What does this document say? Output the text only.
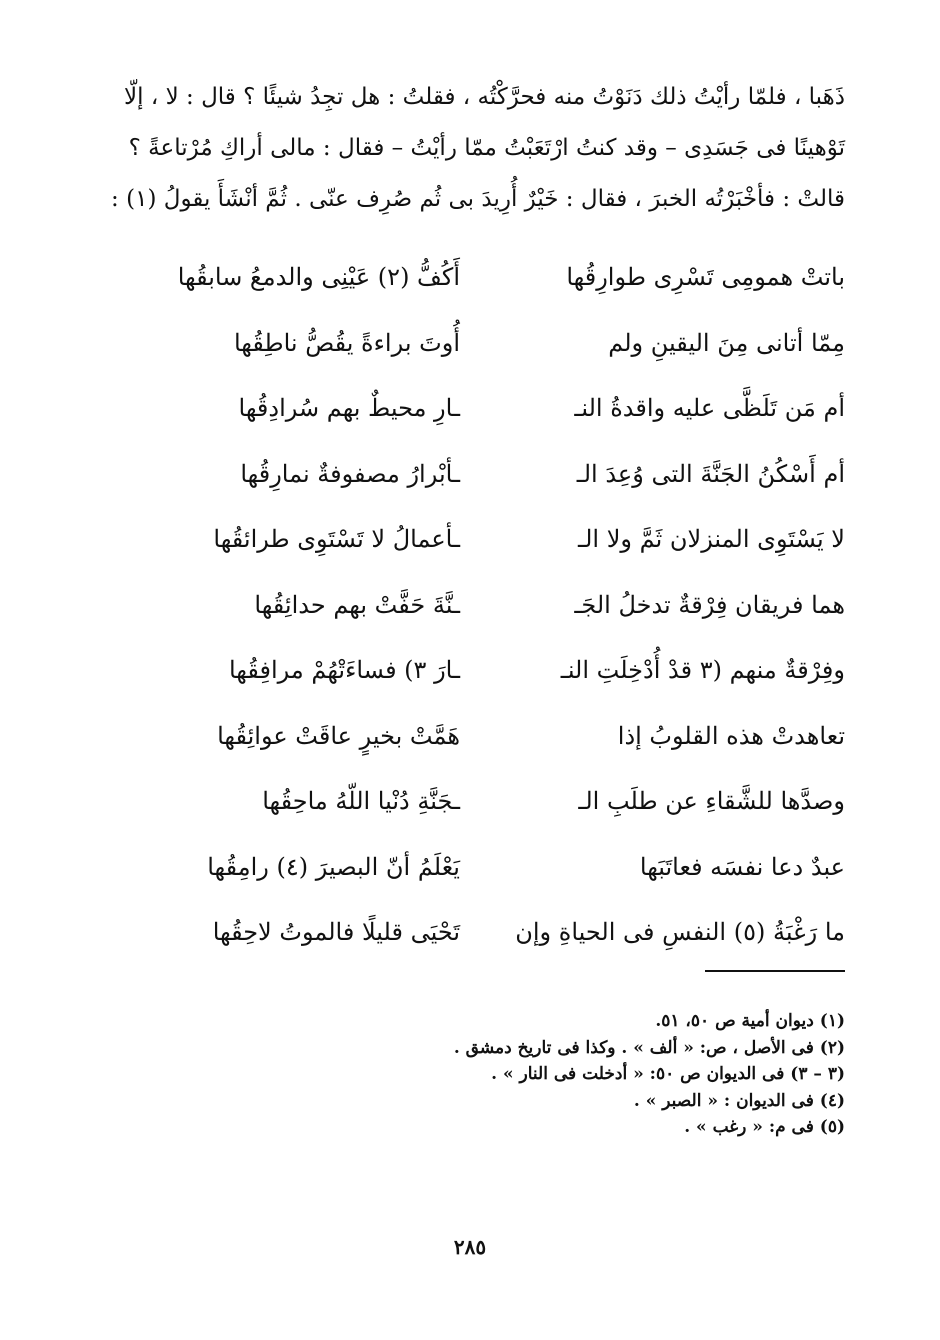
ذَهَبا ، فلمّا رأيْتُ ذلك دَنَوْتُ منه فحرَّكْتُه ، فقلتُ : هل تجِدُ شيئًا ؟ قال : لا ، إلّا
تَوْهينًا فى جَسَدِى – وقد كنتُ ارْتَعَبْتُ ممّا رأيْتُ – فقال : مالى أراكِ مُرْتاعةً ؟
قالتْ : فأخْبَرْتُه الخبرَ ، فقال : خَيْرٌ أُرِيدَ بى ثُم صُرِف عنّى . ثُمَّ أنْشَأَ يقولُ (١) :
باتتْ همومِى تَسْرِى طوارِقُها
أَكُفُّ (٢) عَيْنِى والدمعُ سابقُها
مِمّا أتانى مِنَ اليقينِ ولم
أُوتَ براءةً يقُصُّ ناطِقُها
أم مَن تَلَظَّى عليه واقدةُ النـ
ـارِ محيطٌ بهم سُرادِقُها
أم أَسْكُنُ الجَنَّةَ التى وُعِدَ الـ
ـأبْرارُ مصفوفةٌ نمارِقُها
لا يَسْتَوِى المنزلان ثَمَّ ولا الـ
ـأعمالُ لا تَسْتَوِى طرائقُها
هما فريقان فِرْقةٌ تدخلُ الجَـ
ـنَّةَ حَفَّتْ بهم حدائِقُها
وفِرْقةٌ منهم (٣ قدْ أُدْخِلَتِ النـ
ـارَ ٣) فساءَتْهُمْ مرافِقُها
تعاهدتْ هذه القلوبُ إذا
هَمَّتْ بخيرٍ عاقَتْ عوائِقُها
وصدَّها للشَّقاءِ عن طلَبِ الـ
ـجَنَّةِ دُنْيا اللّهُ ماحِقُها
عبدٌ دعا نفسَه فعاتَبَها
يَعْلَمُ أنّ البصيرَ (٤) رامِقُها
ما رَغْبَةُ (٥) النفسِ فى الحياةِ وإن
تَحْيَى قليلًا فالموتُ لاحِقُها
(١) ديوان أمية ص ٥٠، ٥١.
(٢) فى الأصل ، ص: « ألف » . وكذا فى تاريخ دمشق .
(٣ – ٣) فى الديوان ص ٥٠: « أدخلت فى النار » .
(٤) فى الديوان : « الصبر » .
(٥) فى م: « رغب » .
٢٨٥
